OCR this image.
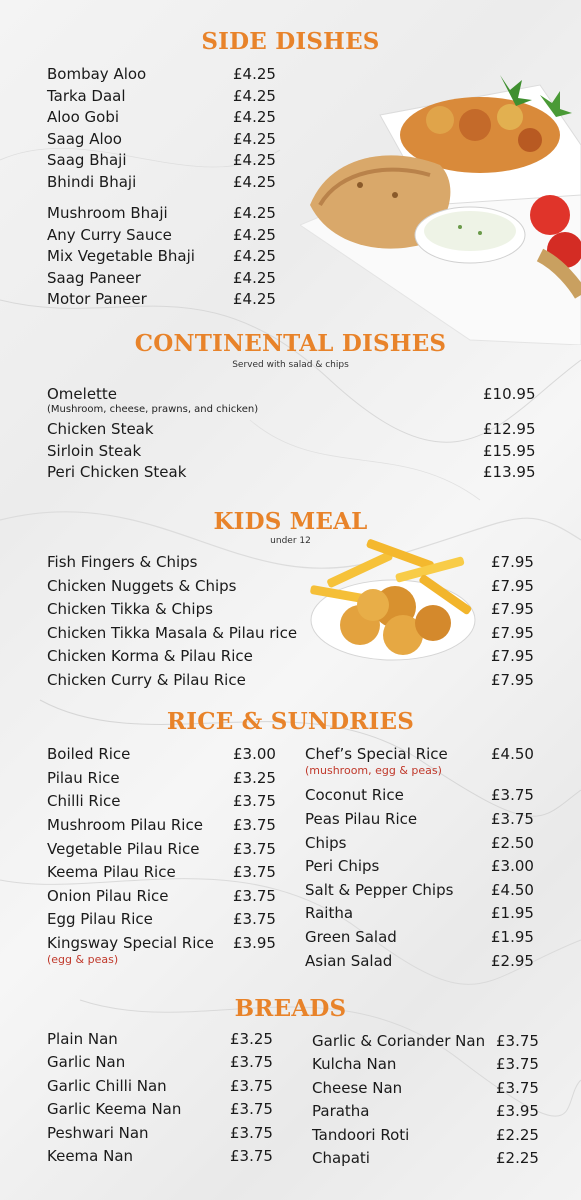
SIDE DISHES
Bombay Aloo	£4.25
Tarka Daal	£4.25
Aloo Gobi	£4.25
Saag Aloo	£4.25
Saag Bhaji	£4.25
Bhindi Bhaji	£4.25
Mushroom Bhaji	£4.25
Any Curry Sauce	£4.25
Mix Vegetable Bhaji	£4.25
Saag Paneer	£4.25
Motor Paneer	£4.25
CONTINENTAL DISHES
Served with salad & chips
Omelette	£10.95
(Mushroom, cheese, prawns, and chicken)
Chicken Steak	£12.95
Sirloin Steak	£15.95
Peri Chicken Steak	£13.95
KIDS MEAL
under 12
Fish Fingers & Chips	£7.95
Chicken Nuggets & Chips	£7.95
Chicken Tikka & Chips	£7.95
Chicken Tikka Masala & Pilau rice	£7.95
Chicken Korma & Pilau Rice	£7.95
Chicken Curry & Pilau Rice	£7.95
RICE & SUNDRIES
Boiled Rice	£3.00
Pilau Rice	£3.25
Chilli Rice	£3.75
Mushroom Pilau Rice £3.75
Vegetable Pilau Rice £3.75
Keema Pilau Rice	£3.75
Onion Pilau Rice	£3.75
Egg Pilau Rice	£3.75
Kingsway Special Rice £3.95
(egg & peas)
Chef’s Special Rice	£4.50
(mushroom, egg & peas)
Coconut Rice	£3.75
Peas Pilau Rice	£3.75
Chips	£2.50
Peri Chips	£3.00
Salt & Pepper Chips	£4.50
Raitha	£1.95
Green Salad	£1.95
Asian Salad	£2.95
BREADS
Plain Nan	£3.25
Garlic Nan	£3.75
Garlic Chilli Nan	£3.75
Garlic Keema Nan	£3.75
Peshwari Nan	£3.75
Keema Nan	£3.75
Garlic & Coriander Nan £3.75
Kulcha Nan	£3.75
Cheese Nan	£3.75
Paratha	£3.95
Tandoori Roti	£2.25
Chapati	£2.25
